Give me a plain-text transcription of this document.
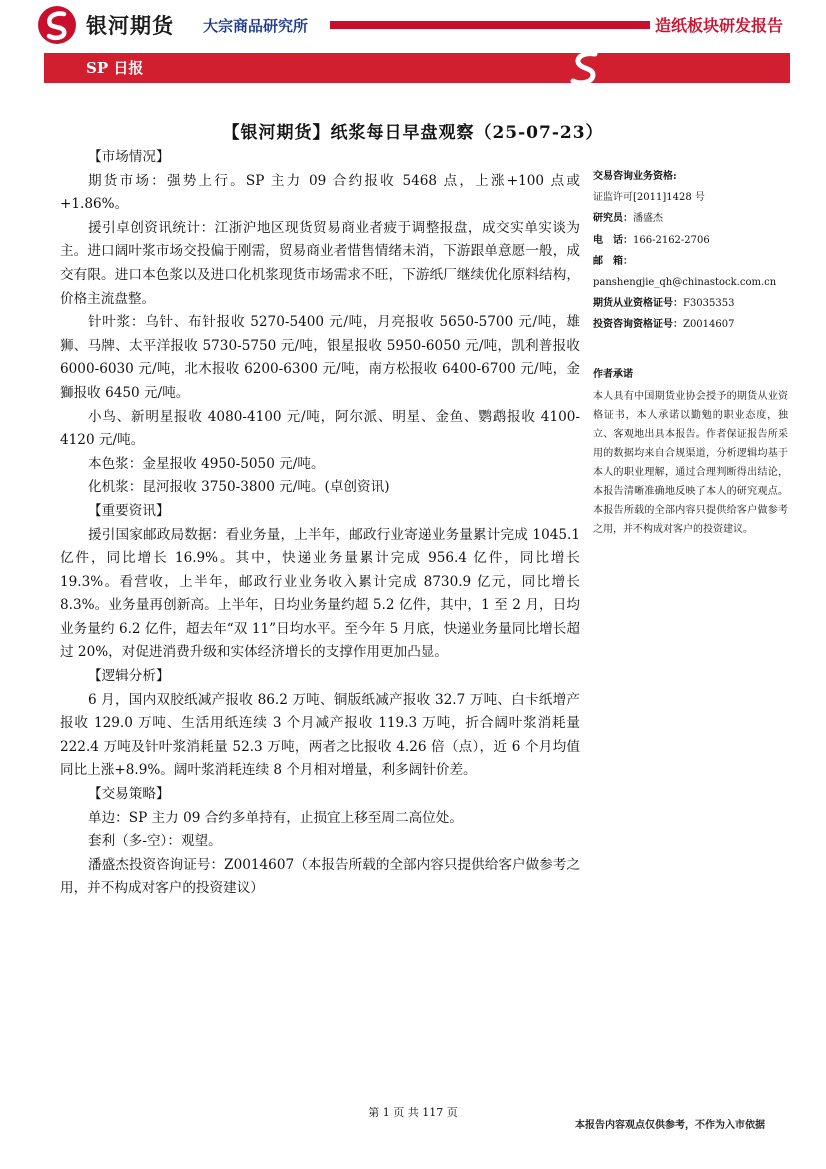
银河期货 大宗商品研究所	造纸板块研发报告
SP 日报
【银河期货】纸浆每日早盘观察（25-07-23）

【市场情况】

期货市场：强势上行。SP 主力 09 合约报收 5468 点，上涨+100 点或+1.86%。

援引卓创资讯统计：江浙沪地区现货贸易商业者疲于调整报盘，成交实单实谈为主。进口阔叶浆市场交投偏于刚需，贸易商业者惜售情绪未消，下游跟单意愿一般，成交有限。进口本色浆以及进口化机浆现货市场需求不旺，下游纸厂继续优化原料结构，价格主流盘整。

针叶浆：乌针、布针报收 5270-5400 元/吨，月亮报收 5650-5700 元/吨，雄狮、马牌、太平洋报收 5730-5750 元/吨，银星报收 5950-6050 元/吨，凯利普报收 6000-6030 元/吨，北木报收 6200-6300 元/吨，南方松报收 6400-6700 元/吨，金獅报收 6450 元/吨。

小鸟、新明星报收 4080-4100 元/吨，阿尔派、明星、金鱼、鹦鹉报收 4100-4120 元/吨。

本色浆：金星报收 4950-5050 元/吨。

化机浆：昆河报收 3750-3800 元/吨。(卓创资讯)

【重要资讯】

援引国家邮政局数据：看业务量，上半年，邮政行业寄递业务量累计完成 1045.1 亿件，同比增长 16.9%。其中，快递业务量累计完成 956.4 亿件，同比增长 19.3%。看营收，上半年，邮政行业业务收入累计完成 8730.9 亿元，同比增长 8.3%。业务量再创新高。上半年，日均业务量约超 5.2 亿件，其中，1 至 2 月，日均业务量约 6.2 亿件，超去年“双 11”日均水平。至今年 5 月底，快递业务量同比增长超过 20%，对促进消费升级和实体经济增长的支撑作用更加凸显。

【逻辑分析】

6 月，国内双胶纸减产报收 86.2 万吨、铜版纸减产报收 32.7 万吨、白卡纸增产报收 129.0 万吨、生活用纸连续 3 个月减产报收 119.3 万吨，折合阔叶浆消耗量 222.4 万吨及针叶浆消耗量 52.3 万吨，两者之比报收 4.26 倍（点），近 6 个月均值同比上涨+8.9%。阔叶浆消耗连续 8 个月相对增量，利多阔针价差。

【交易策略】

单边：SP 主力 09 合约多单持有，止损宜上移至周二高位处。

套利（多-空）：观望。

潘盛杰投资咨询证号：Z0014607（本报告所载的全部内容只提供给客户做参考之用，并不构成对客户的投资建议）

交易咨询业务资格:
证监许可[2011]1428 号
研究员：潘盛杰
电　话：166-2162-2706
邮　箱：
panshengjie_qh@chinastock.com.cn
期货从业资格证号：F3035353
投资咨询资格证号：Z0014607
作者承诺
本人具有中国期货业协会授予的期货从业资格证书，本人承诺以勤勉的职业态度，独立、客观地出具本报告。作者保证报告所采用的数据均来自合规渠道，分析逻辑均基于本人的职业理解，通过合理判断得出结论，本报告清晰准确地反映了本人的研究观点。本报告所载的全部内容只提供给客户做参考之用，并不构成对客户的投资建议。
第 1 页 共 117 页
本报告内容观点仅供参考，不作为入市依据
